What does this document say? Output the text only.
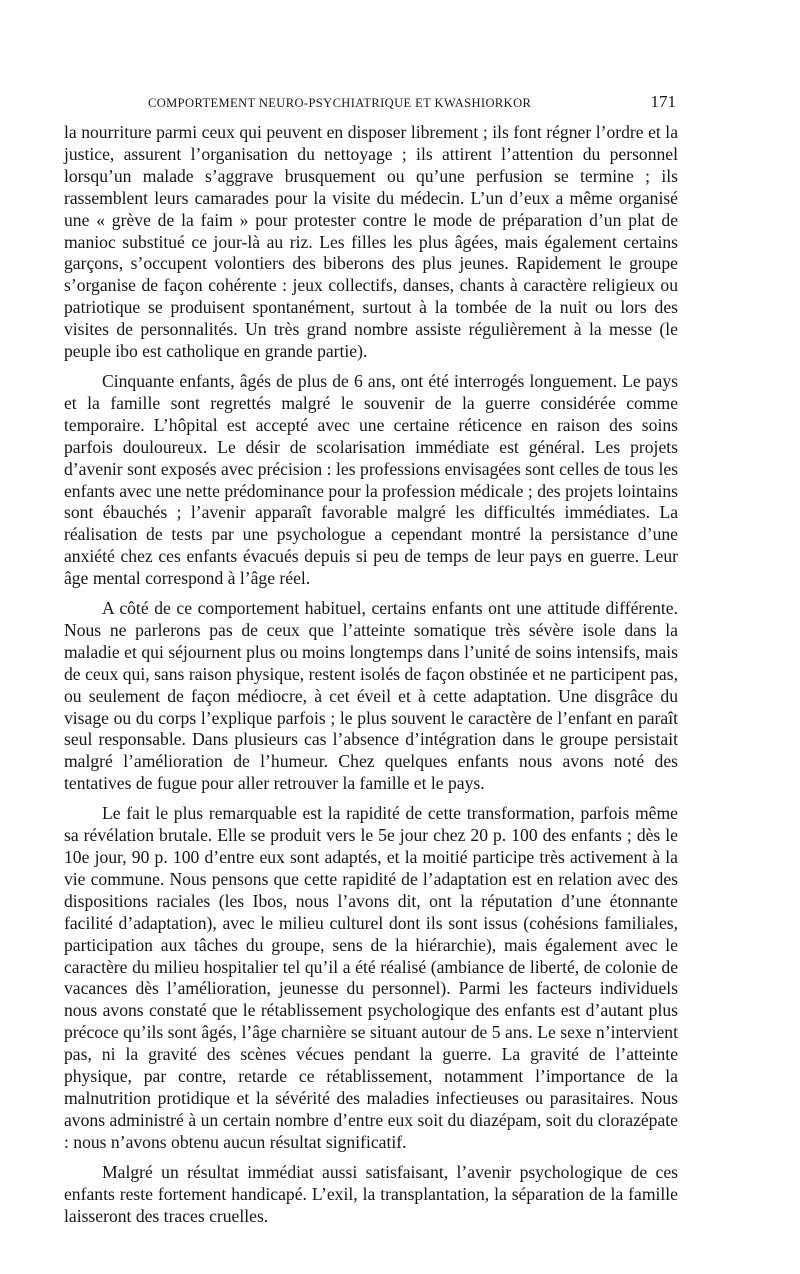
COMPORTEMENT NEURO-PSYCHIATRIQUE ET KWASHIORKOR	171

la nourriture parmi ceux qui peuvent en disposer librement ; ils font régner l’ordre et la justice, assurent l’organisation du nettoyage ; ils attirent l’attention du personnel lorsqu’un malade s’aggrave brusquement ou qu’une perfusion se termine ; ils rassemblent leurs camarades pour la visite du médecin. L’un d’eux a même organisé une « grève de la faim » pour protester contre le mode de préparation d’un plat de manioc substitué ce jour-là au riz. Les filles les plus âgées, mais également certains garçons, s’occupent volontiers des biberons des plus jeunes. Rapidement le groupe s’organise de façon cohérente : jeux collectifs, danses, chants à caractère religieux ou patriotique se produisent spontanément, surtout à la tombée de la nuit ou lors des visites de personnalités. Un très grand nombre assiste régulièrement à la messe (le peuple ibo est catholique en grande partie).

Cinquante enfants, âgés de plus de 6 ans, ont été interrogés longuement. Le pays et la famille sont regrettés malgré le souvenir de la guerre considérée comme temporaire. L’hôpital est accepté avec une certaine réticence en raison des soins parfois douloureux. Le désir de scolarisation immédiate est général. Les projets d’avenir sont exposés avec précision : les professions envisagées sont celles de tous les enfants avec une nette prédominance pour la profession médicale ; des projets lointains sont ébauchés ; l’avenir apparaît favorable malgré les difficultés immédiates. La réalisation de tests par une psychologue a cependant montré la persistance d’une anxiété chez ces enfants évacués depuis si peu de temps de leur pays en guerre. Leur âge mental correspond à l’âge réel.

A côté de ce comportement habituel, certains enfants ont une attitude différente. Nous ne parlerons pas de ceux que l’atteinte somatique très sévère isole dans la maladie et qui séjournent plus ou moins longtemps dans l’unité de soins intensifs, mais de ceux qui, sans raison physique, restent isolés de façon obstinée et ne participent pas, ou seulement de façon médiocre, à cet éveil et à cette adaptation. Une disgrâce du visage ou du corps l’explique parfois ; le plus souvent le caractère de l’enfant en paraît seul responsable. Dans plusieurs cas l’absence d’intégration dans le groupe persistait malgré l’amélioration de l’humeur. Chez quelques enfants nous avons noté des tentatives de fugue pour aller retrouver la famille et le pays.

Le fait le plus remarquable est la rapidité de cette transformation, parfois même sa révélation brutale. Elle se produit vers le 5e jour chez 20 p. 100 des enfants ; dès le 10e jour, 90 p. 100 d’entre eux sont adaptés, et la moitié participe très activement à la vie commune. Nous pensons que cette rapidité de l’adaptation est en relation avec des dispositions raciales (les Ibos, nous l’avons dit, ont la réputation d’une étonnante facilité d’adaptation), avec le milieu culturel dont ils sont issus (cohésions familiales, participation aux tâches du groupe, sens de la hiérarchie), mais également avec le caractère du milieu hospitalier tel qu’il a été réalisé (ambiance de liberté, de colonie de vacances dès l’amélioration, jeunesse du personnel). Parmi les facteurs individuels nous avons constaté que le rétablissement psychologique des enfants est d’autant plus précoce qu’ils sont âgés, l’âge charnière se situant autour de 5 ans. Le sexe n’intervient pas, ni la gravité des scènes vécues pendant la guerre. La gravité de l’atteinte physique, par contre, retarde ce rétablissement, notamment l’importance de la malnutrition protidique et la sévérité des maladies infectieuses ou parasitaires. Nous avons administré à un certain nombre d’entre eux soit du diazépam, soit du clorazépate : nous n’avons obtenu aucun résultat significatif.

Malgré un résultat immédiat aussi satisfaisant, l’avenir psychologique de ces enfants reste fortement handicapé. L’exil, la transplantation, la séparation de la famille laisseront des traces cruelles.
